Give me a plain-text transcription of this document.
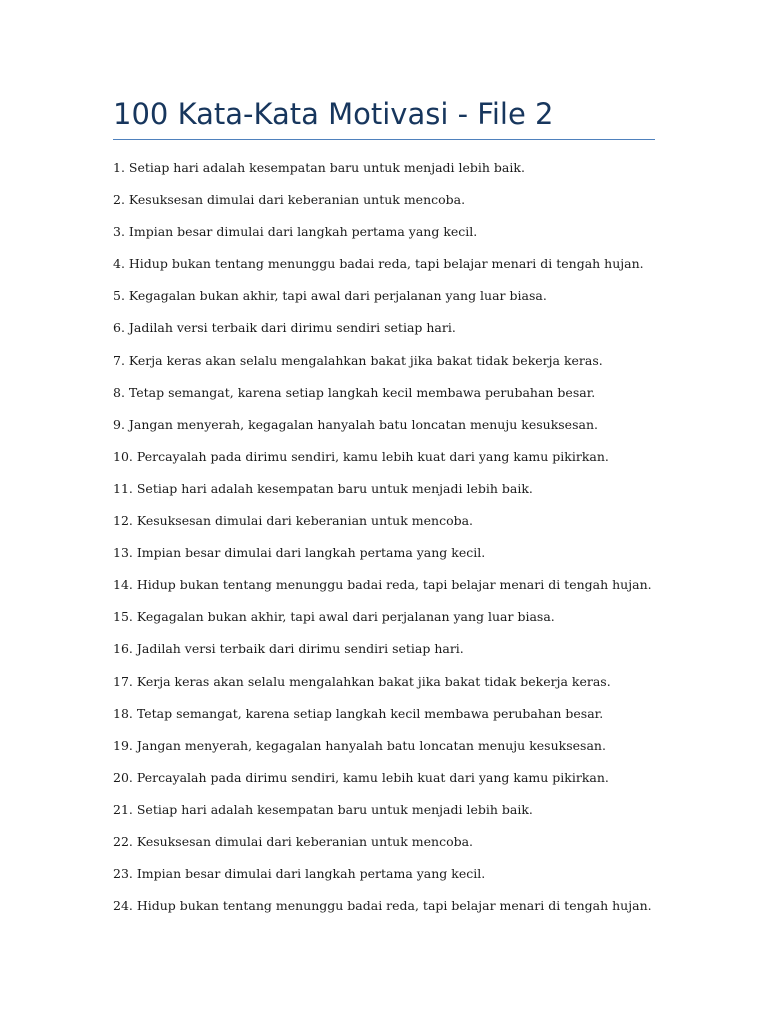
100 Kata-Kata Motivasi - File 2
1. Setiap hari adalah kesempatan baru untuk menjadi lebih baik.
2. Kesuksesan dimulai dari keberanian untuk mencoba.
3. Impian besar dimulai dari langkah pertama yang kecil.
4. Hidup bukan tentang menunggu badai reda, tapi belajar menari di tengah hujan.
5. Kegagalan bukan akhir, tapi awal dari perjalanan yang luar biasa.
6. Jadilah versi terbaik dari dirimu sendiri setiap hari.
7. Kerja keras akan selalu mengalahkan bakat jika bakat tidak bekerja keras.
8. Tetap semangat, karena setiap langkah kecil membawa perubahan besar.
9. Jangan menyerah, kegagalan hanyalah batu loncatan menuju kesuksesan.
10. Percayalah pada dirimu sendiri, kamu lebih kuat dari yang kamu pikirkan.
11. Setiap hari adalah kesempatan baru untuk menjadi lebih baik.
12. Kesuksesan dimulai dari keberanian untuk mencoba.
13. Impian besar dimulai dari langkah pertama yang kecil.
14. Hidup bukan tentang menunggu badai reda, tapi belajar menari di tengah hujan.
15. Kegagalan bukan akhir, tapi awal dari perjalanan yang luar biasa.
16. Jadilah versi terbaik dari dirimu sendiri setiap hari.
17. Kerja keras akan selalu mengalahkan bakat jika bakat tidak bekerja keras.
18. Tetap semangat, karena setiap langkah kecil membawa perubahan besar.
19. Jangan menyerah, kegagalan hanyalah batu loncatan menuju kesuksesan.
20. Percayalah pada dirimu sendiri, kamu lebih kuat dari yang kamu pikirkan.
21. Setiap hari adalah kesempatan baru untuk menjadi lebih baik.
22. Kesuksesan dimulai dari keberanian untuk mencoba.
23. Impian besar dimulai dari langkah pertama yang kecil.
24. Hidup bukan tentang menunggu badai reda, tapi belajar menari di tengah hujan.
